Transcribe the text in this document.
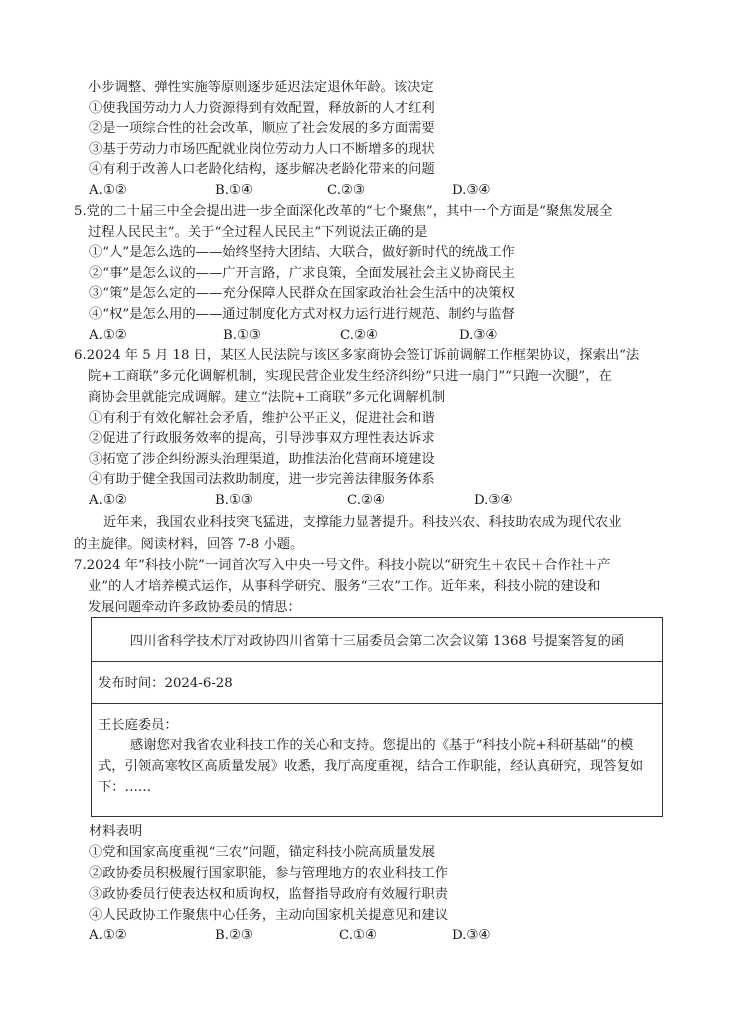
小步调整、弹性实施等原则逐步延迟法定退休年龄。该决定
①使我国劳动力人力资源得到有效配置，释放新的人才红利
②是一项综合性的社会改革，顺应了社会发展的多方面需要
③基于劳动力市场匹配就业岗位劳动力人口不断增多的现状
④有利于改善人口老龄化结构，逐步解决老龄化带来的问题
A.①②	B.①④	C.②③	D.③④
5.党的二十届三中全会提出进一步全面深化改革的“七个聚焦”，其中一个方面是“聚焦发展全
过程人民民主”。关于“全过程人民民主”下列说法正确的是
①“人”是怎么选的——始终坚持大团结、大联合，做好新时代的统战工作
②“事”是怎么议的——广开言路，广求良策，全面发展社会主义协商民主
③“策”是怎么定的——充分保障人民群众在国家政治社会生活中的决策权
④“权”是怎么用的——通过制度化方式对权力运行进行规范、制约与监督
A.①②	B.①③	C.②④	D.③④
6.2024 年 5 月 18 日，某区人民法院与该区多家商协会签订诉前调解工作框架协议，探索出“法
院+工商联”多元化调解机制，实现民营企业发生经济纠纷“只进一扇门”“只跑一次腿”，在
商协会里就能完成调解。建立“法院+工商联”多元化调解机制
①有利于有效化解社会矛盾，维护公平正义，促进社会和谐
②促进了行政服务效率的提高，引导涉事双方理性表达诉求
③拓宽了涉企纠纷源头治理渠道，助推法治化营商环境建设
④有助于健全我国司法救助制度，进一步完善法律服务体系
A.①②	B.①③	C.②④	D.③④
近年来，我国农业科技突飞猛进，支撑能力显著提升。科技兴农、科技助农成为现代农业
的主旋律。阅读材料，回答 7-8 小题。
7.2024 年“科技小院”一词首次写入中央一号文件。科技小院以“研究生＋农民＋合作社＋产
业”的人才培养模式运作，从事科学研究、服务“三农”工作。近年来，科技小院的建设和
发展问题牵动许多政协委员的情思：
四川省科学技术厅对政协四川省第十三届委员会第二次会议第 1368 号提案答复的函
发布时间：2024-6-28
王长庭委员：
感谢您对我省农业科技工作的关心和支持。您提出的《基于“科技小院+科研基础”的模式，引领高寒牧区高质量发展》收悉，我厅高度重视，结合工作职能，经认真研究，现答复如下：……
材料表明
①党和国家高度重视“三农”问题，锚定科技小院高质量发展
②政协委员积极履行国家职能，参与管理地方的农业科技工作
③政协委员行使表达权和质询权，监督指导政府有效履行职责
④人民政协工作聚焦中心任务，主动向国家机关提意见和建议
A.①②	B.②③	C.①④	D.③④
